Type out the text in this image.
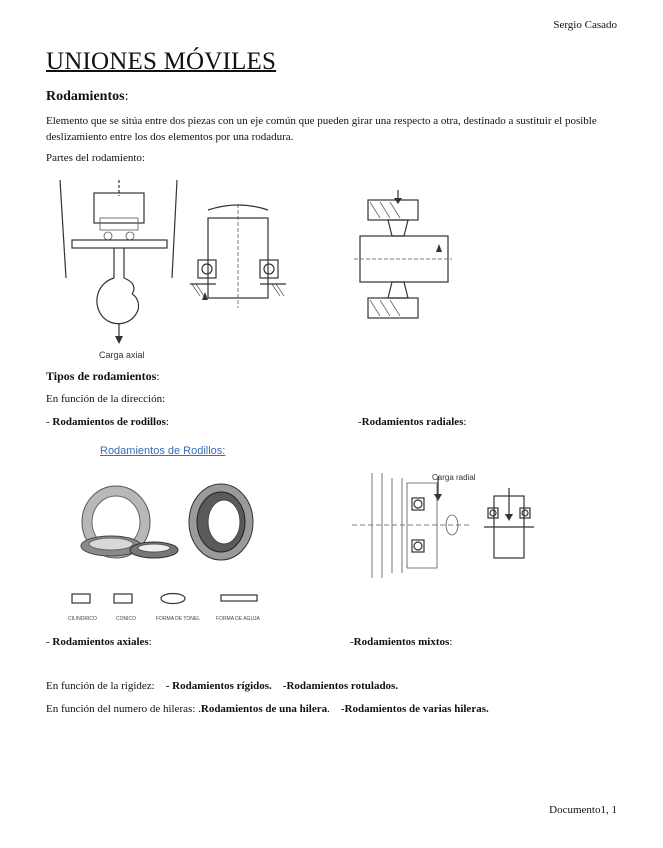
Sergio Casado
UNIONES MÓVILES
Rodamientos:
Elemento que se sitúa entre dos piezas con un eje común que pueden girar una respecto a otra, destinado a sustituir el posible deslizamiento entre los dos elementos por una rodadura.
Partes del rodamiento:
Carga axial
Tipos de rodamientos:
En función de la dirección:
- Rodamientos de rodillos:	-Rodamientos radiales:
Rodamientos de Rodillos:
CILINDRICO	CONICO	FORMA DE TONEL	FORMA DE AGUJA
Carga radial
- Rodamientos axiales:	-Rodamientos mixtos:
En función de la rigidez: - Rodamientos rígidos. -Rodamientos rotulados.
En función del numero de hileras: .Rodamientos de una hilera. -Rodamientos de varias hileras.
Documento1, 1
